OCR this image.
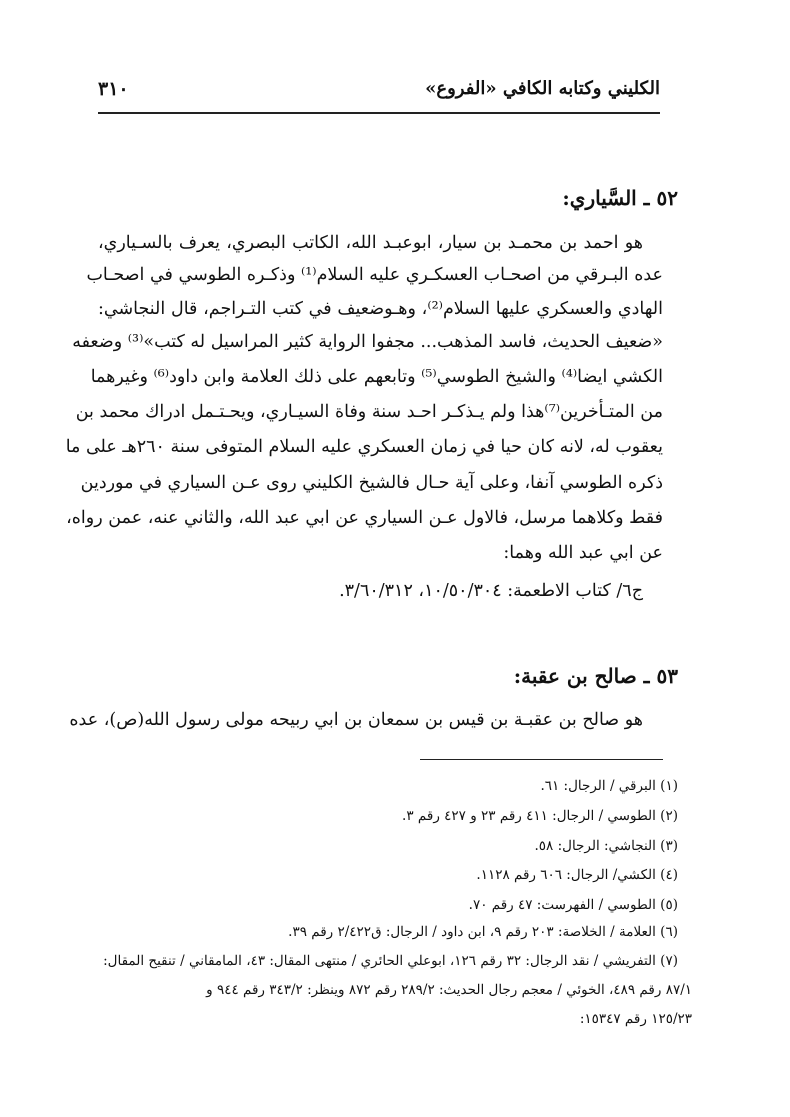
الكليني وكتابه الكافي «الفروع»
٣١٠
٥٢ ـ السَّياري:
هو احمد بن محمـد بن سيار، ابوعبـد الله، الكاتب البصري، يعرف بالسـياري،
عده البـرقي من اصحـاب العسكـري عليه السلام⁽¹⁾ وذكـره الطوسي في اصحـاب
الهادي والعسكري عليها السلام⁽²⁾، وهـوضعيف في كتب التـراجم، قال النجاشي:
«ضعيف الحديث، فاسد المذهب... مجفوا الرواية كثير المراسيل له كتب»⁽³⁾ وضعفه
الكشي ايضا⁽⁴⁾ والشيخ الطوسي⁽⁵⁾ وتابعهم على ذلك العلامة وابن داود⁽⁶⁾ وغيرهما
من المتـأخرين⁽⁷⁾هذا ولم يـذكـر احـد سنة وفاة السيـاري، ويحـتـمل ادراك محمد بن
يعقوب له، لانه كان حيا في زمان العسكري عليه السلام المتوفى سنة ٢٦٠هـ على ما
ذكره الطوسي آنفا، وعلى آية حـال فالشيخ الكليني روى عـن السياري في موردين
فقط وكلاهما مرسل، فالاول عـن السياري عن ابي عبد الله، والثاني عنه، عمن رواه،
عن ابي عبد الله وهما:
ج٦/ كتاب الاطعمة: ١٠/٥٠/٣٠٤، ٣/٦٠/٣١٢.
٥٣ ـ صالح بن عقبة:
هو صالح بن عقبـة بن قيس بن سمعان بن ابي ربيحه مولى رسول الله(ص)، عده
(١) البرقي / الرجال: ٦١.
(٢) الطوسي / الرجال: ٤١١ رقم ٢٣ و ٤٢٧ رقم ٣.
(٣) النجاشي: الرجال: ٥٨.
(٤) الكشي/ الرجال: ٦٠٦ رقم ١١٢٨.
(٥) الطوسي / الفهرست: ٤٧ رقم ٧٠.
(٦) العلامة / الخلاصة: ٢٠٣ رقم ٩، ابن داود / الرجال: ق٢/٤٢٢ رقم ٣٩.
(٧) التفريشي / نقد الرجال: ٣٢ رقم ١٢٦، ابوعلي الحائري / منتهى المقال: ٤٣، المامقاني / تنقيح المقال:
٨٧/١ رقم ٤٨٩، الخوئي / معجم رجال الحديث: ٢٨٩/٢ رقم ٨٧٢ وينظر: ٣٤٣/٢ رقم ٩٤٤ و
١٢٥/٢٣ رقم ١٥٣٤٧:
